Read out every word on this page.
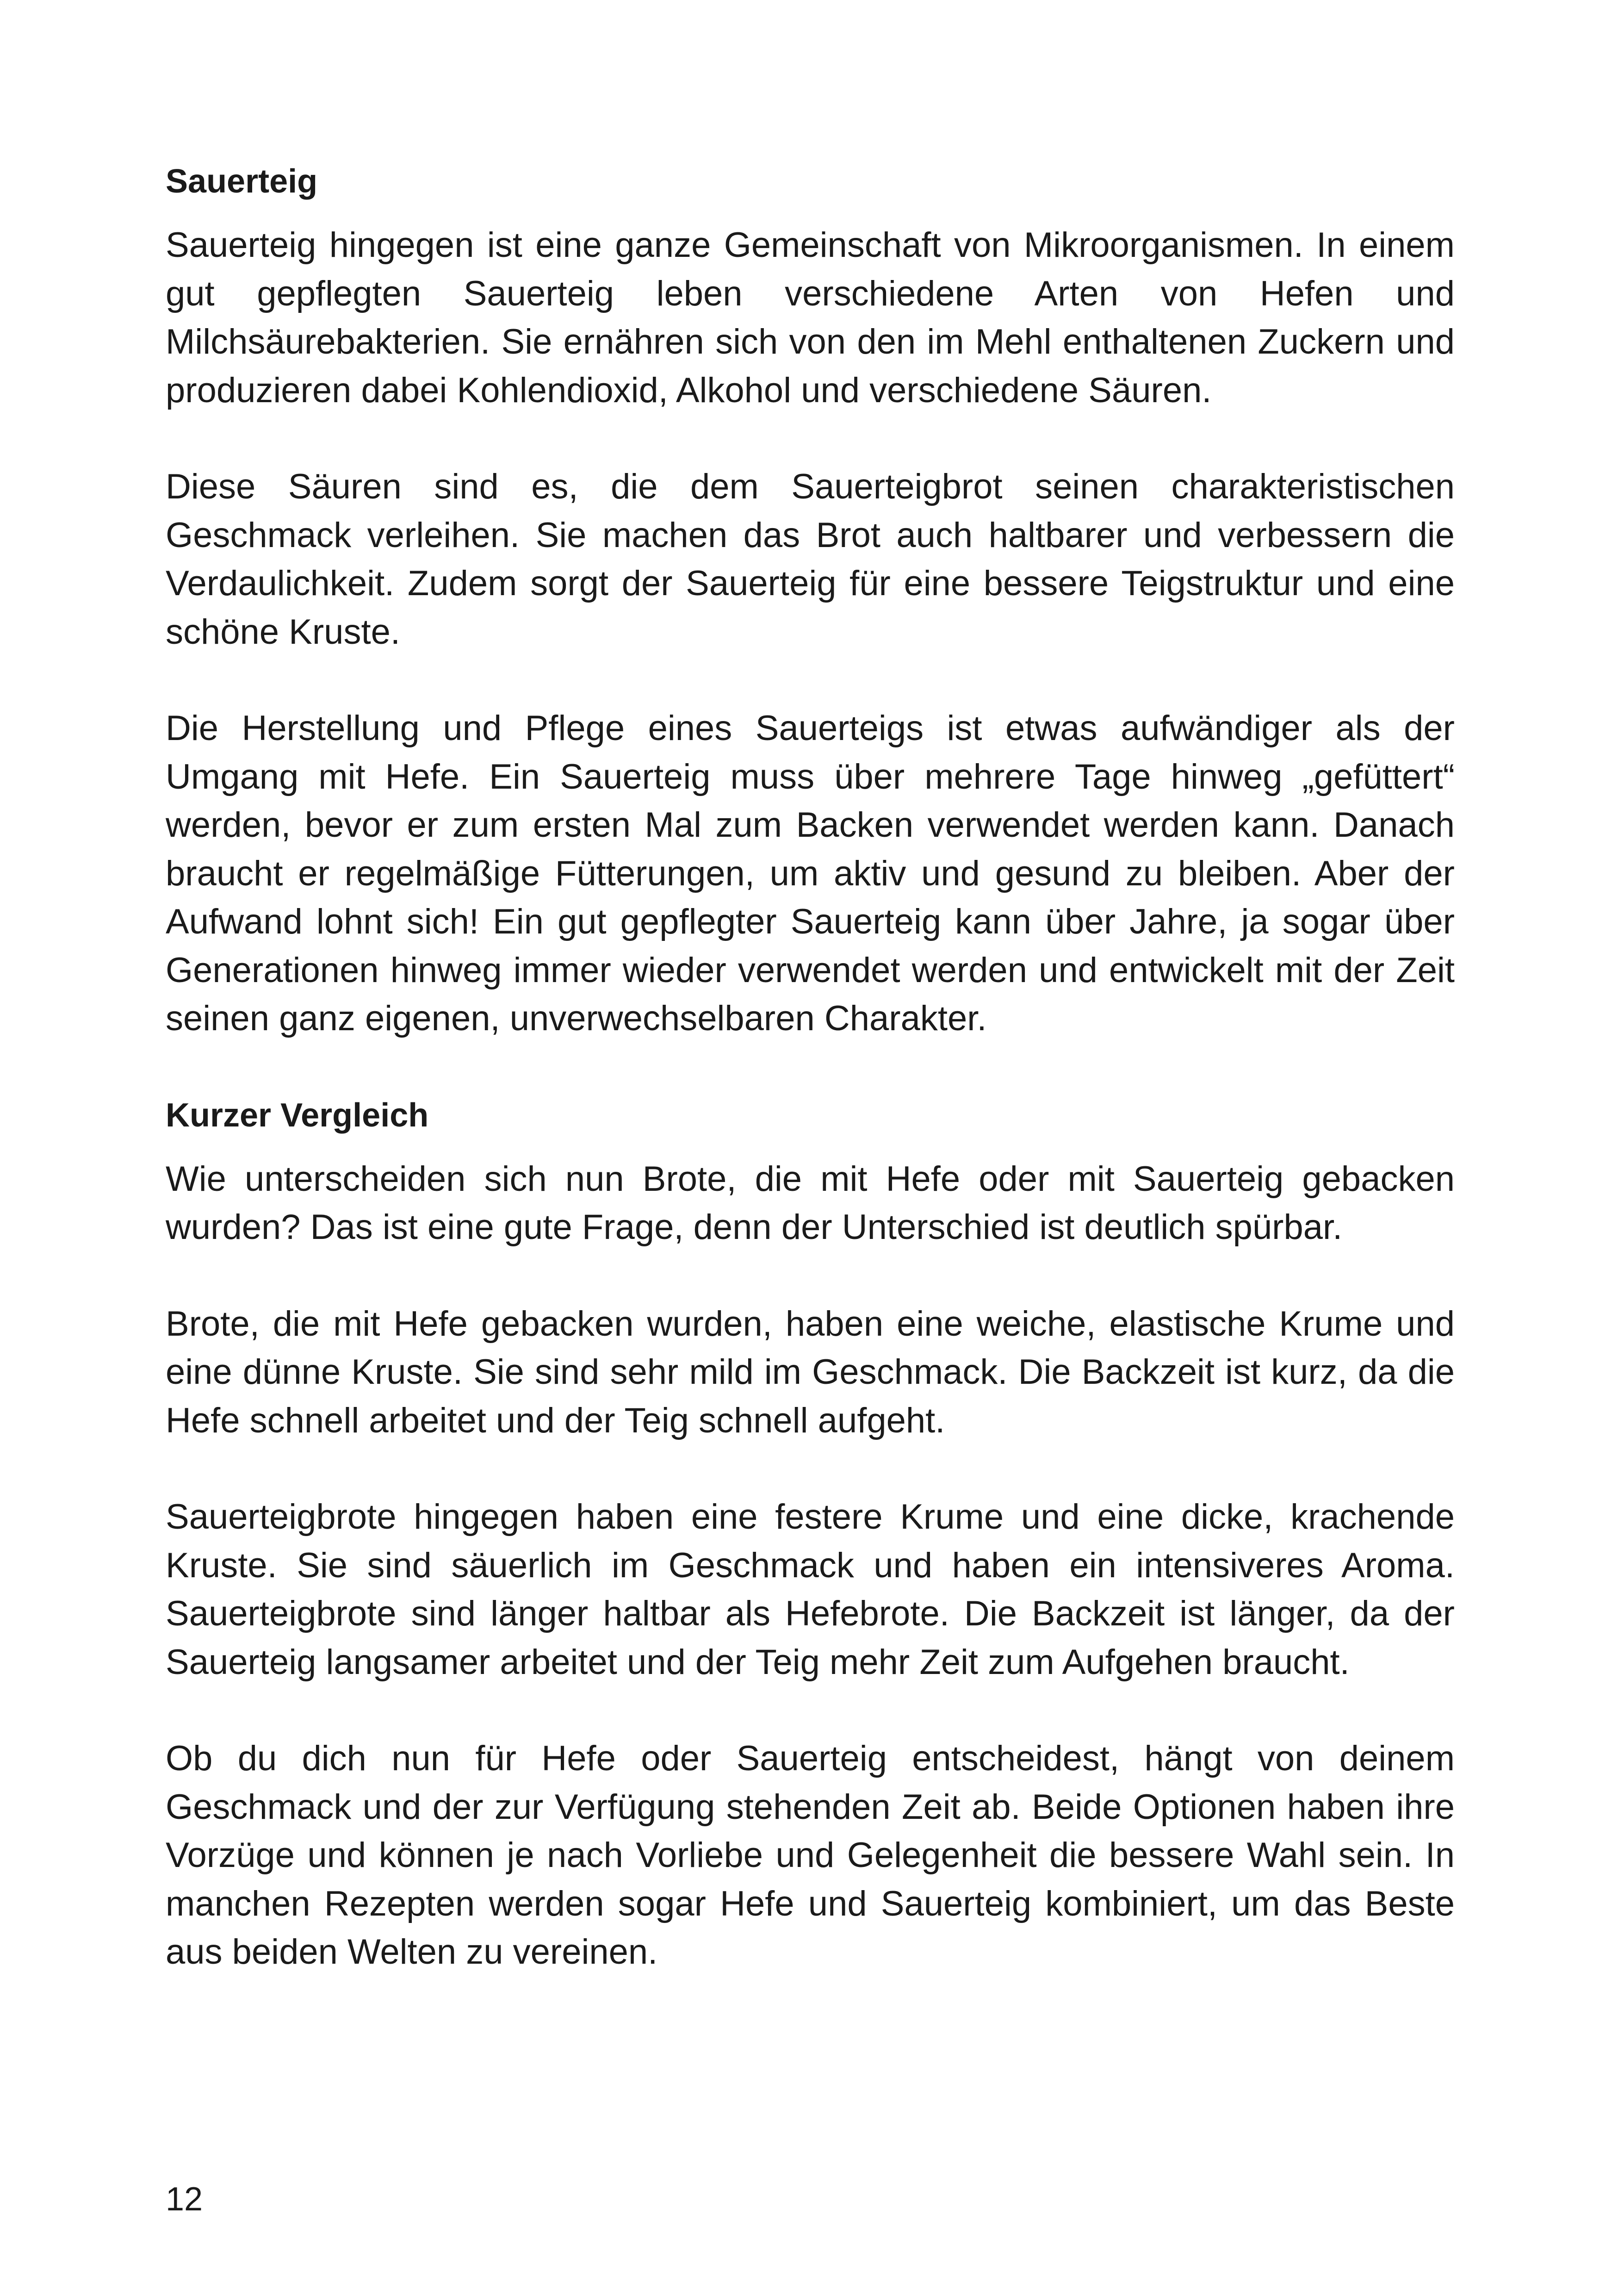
Sauerteig

Sauerteig hingegen ist eine ganze Gemeinschaft von Mikroorganismen. In einem gut gepflegten Sauerteig leben verschiedene Arten von Hefen und Milchsäurebakterien. Sie ernähren sich von den im Mehl enthaltenen Zuckern und produzieren dabei Kohlendioxid, Alkohol und verschiedene Säuren.

Diese Säuren sind es, die dem Sauerteigbrot seinen charakteristischen Geschmack verleihen. Sie machen das Brot auch haltbarer und verbessern die Verdaulichkeit. Zudem sorgt der Sauerteig für eine bessere Teigstruktur und eine schöne Kruste.

Die Herstellung und Pflege eines Sauerteigs ist etwas aufwändiger als der Umgang mit Hefe. Ein Sauerteig muss über mehrere Tage hinweg „gefüttert“ werden, bevor er zum ersten Mal zum Backen verwendet werden kann. Danach braucht er regelmäßige Fütterungen, um aktiv und gesund zu bleiben. Aber der Aufwand lohnt sich! Ein gut gepflegter Sauerteig kann über Jahre, ja sogar über Generationen hinweg immer wieder verwendet werden und entwickelt mit der Zeit seinen ganz eigenen, unverwechselbaren Charakter.

Kurzer Vergleich

Wie unterscheiden sich nun Brote, die mit Hefe oder mit Sauerteig gebacken wurden? Das ist eine gute Frage, denn der Unterschied ist deutlich spürbar.

Brote, die mit Hefe gebacken wurden, haben eine weiche, elastische Krume und eine dünne Kruste. Sie sind sehr mild im Geschmack. Die Backzeit ist kurz, da die Hefe schnell arbeitet und der Teig schnell aufgeht.

Sauerteigbrote hingegen haben eine festere Krume und eine dicke, krachende Kruste. Sie sind säuerlich im Geschmack und haben ein intensiveres Aroma. Sauerteigbrote sind länger haltbar als Hefebrote. Die Backzeit ist länger, da der Sauerteig langsamer arbeitet und der Teig mehr Zeit zum Aufgehen braucht.

Ob du dich nun für Hefe oder Sauerteig entscheidest, hängt von deinem Geschmack und der zur Verfügung stehenden Zeit ab. Beide Optionen haben ihre Vorzüge und können je nach Vorliebe und Gelegenheit die bessere Wahl sein. In manchen Rezepten werden sogar Hefe und Sauerteig kombiniert, um das Beste aus beiden Welten zu vereinen.

12
